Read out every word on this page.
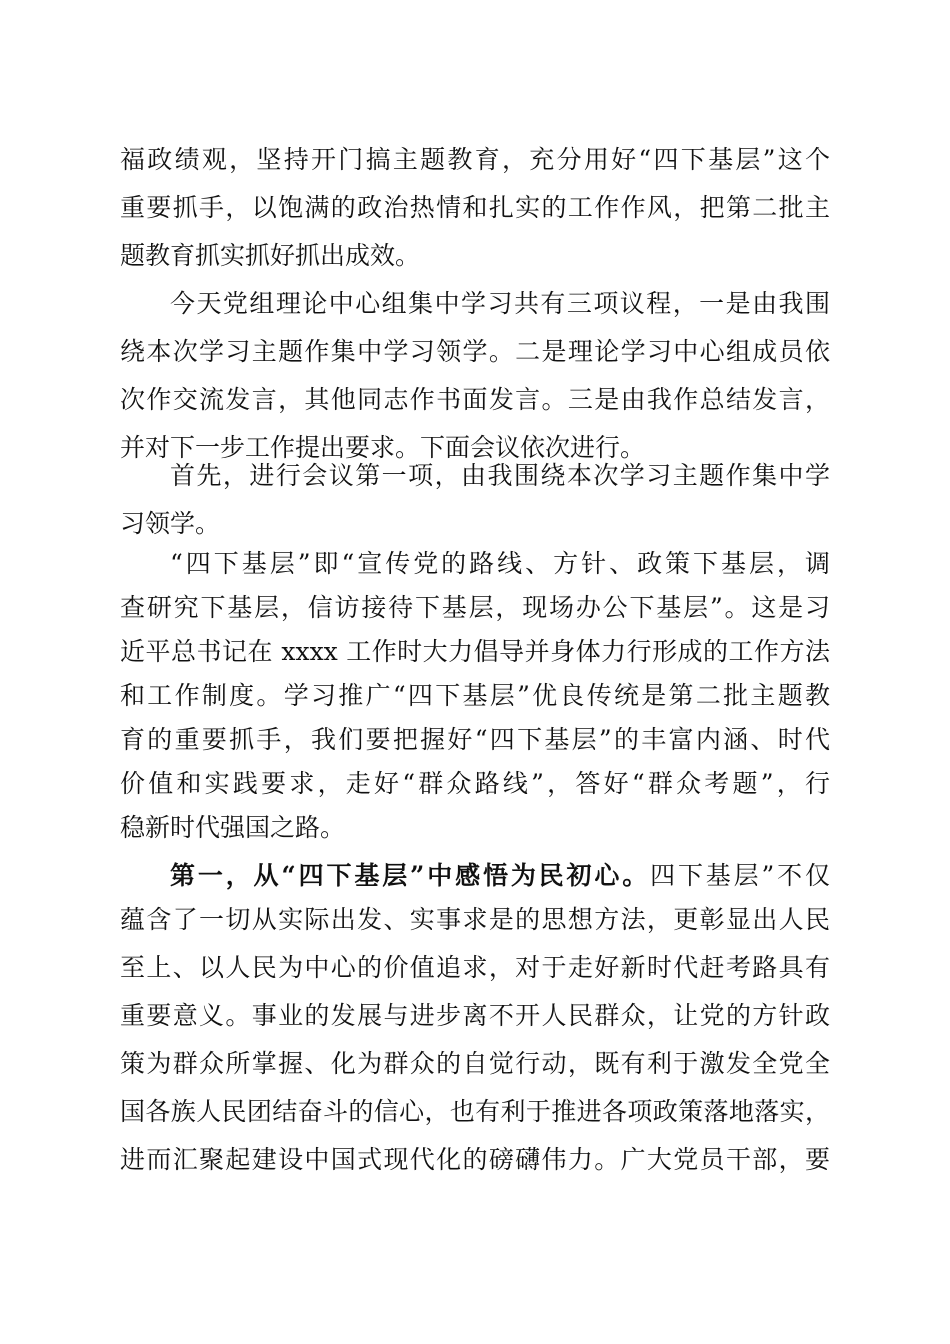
福政绩观，坚持开门搞主题教育，充分用好“四下基层”这个
重要抓手，以饱满的政治热情和扎实的工作作风，把第二批主
题教育抓实抓好抓出成效。
今天党组理论中心组集中学习共有三项议程，一是由我围
绕本次学习主题作集中学习领学。二是理论学习中心组成员依
次作交流发言，其他同志作书面发言。三是由我作总结发言，
并对下一步工作提出要求。下面会议依次进行。
首先，进行会议第一项，由我围绕本次学习主题作集中学
习领学。
“四下基层”即“宣传党的路线、方针、政策下基层，调
查研究下基层，信访接待下基层，现场办公下基层”。这是习
近平总书记在 xxxx 工作时大力倡导并身体力行形成的工作方法
和工作制度。学习推广“四下基层”优良传统是第二批主题教
育的重要抓手，我们要把握好“四下基层”的丰富内涵、时代
价值和实践要求，走好“群众路线”，答好“群众考题”，行
稳新时代强国之路。
第一，从“四下基层”中感悟为民初心。四下基层”不仅
蕴含了一切从实际出发、实事求是的思想方法，更彰显出人民
至上、以人民为中心的价值追求，对于走好新时代赶考路具有
重要意义。事业的发展与进步离不开人民群众，让党的方针政
策为群众所掌握、化为群众的自觉行动，既有利于激发全党全
国各族人民团结奋斗的信心，也有利于推进各项政策落地落实，
进而汇聚起建设中国式现代化的磅礴伟力。广大党员干部，要
